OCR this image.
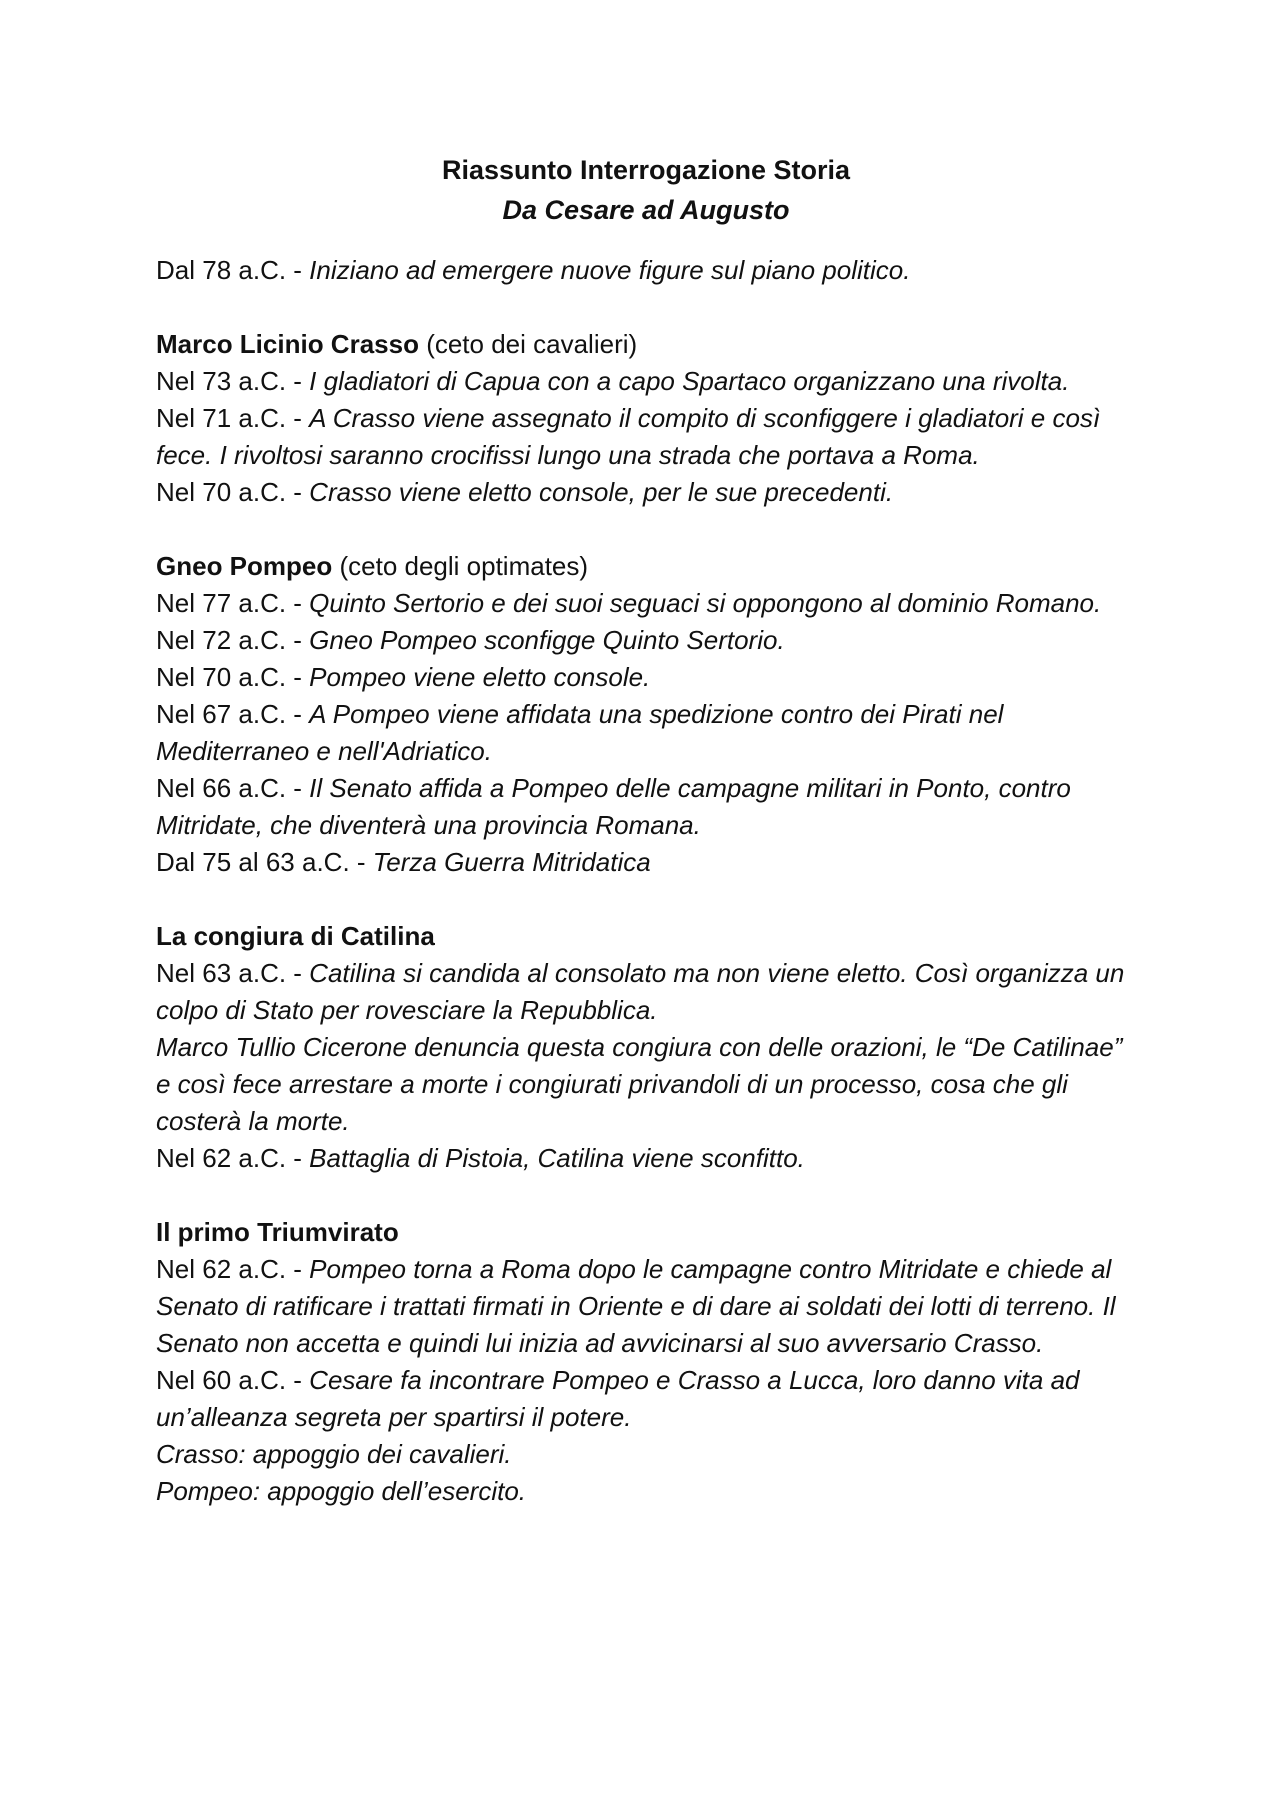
Riassunto Interrogazione Storia
Da Cesare ad Augusto

Dal 78 a.C. - Iniziano ad emergere nuove figure sul piano politico.

Marco Licinio Crasso (ceto dei cavalieri)

Nel 73 a.C. - I gladiatori di Capua con a capo Spartaco organizzano una rivolta.

Nel 71 a.C. - A Crasso viene assegnato il compito di sconfiggere i gladiatori e così fece. I rivoltosi saranno crocifissi lungo una strada che portava a Roma.

Nel 70 a.C. - Crasso viene eletto console, per le sue precedenti.

Gneo Pompeo (ceto degli optimates)

Nel 77 a.C. - Quinto Sertorio e dei suoi seguaci si oppongono al dominio Romano.

Nel 72 a.C. - Gneo Pompeo sconfigge Quinto Sertorio.

Nel 70 a.C. - Pompeo viene eletto console.

Nel 67 a.C. - A Pompeo viene affidata una spedizione contro dei Pirati nel Mediterraneo e nell'Adriatico.

Nel 66 a.C. - Il Senato affida a Pompeo delle campagne militari in Ponto, contro Mitridate, che diventerà una provincia Romana.

Dal 75 al 63 a.C. - Terza Guerra Mitridatica

La congiura di Catilina

Nel 63 a.C. - Catilina si candida al consolato ma non viene eletto. Così organizza un colpo di Stato per rovesciare la Repubblica.

Marco Tullio Cicerone denuncia questa congiura con delle orazioni, le “De Catilinae” e così fece arrestare a morte i congiurati privandoli di un processo, cosa che gli costerà la morte.

Nel 62 a.C. - Battaglia di Pistoia, Catilina viene sconfitto.

Il primo Triumvirato

Nel 62 a.C. - Pompeo torna a Roma dopo le campagne contro Mitridate e chiede al Senato di ratificare i trattati firmati in Oriente e di dare ai soldati dei lotti di terreno. Il Senato non accetta e quindi lui inizia ad avvicinarsi al suo avversario Crasso.

Nel 60 a.C. - Cesare fa incontrare Pompeo e Crasso a Lucca, loro danno vita ad un’alleanza segreta per spartirsi il potere.

Crasso: appoggio dei cavalieri.

Pompeo: appoggio dell’esercito.
